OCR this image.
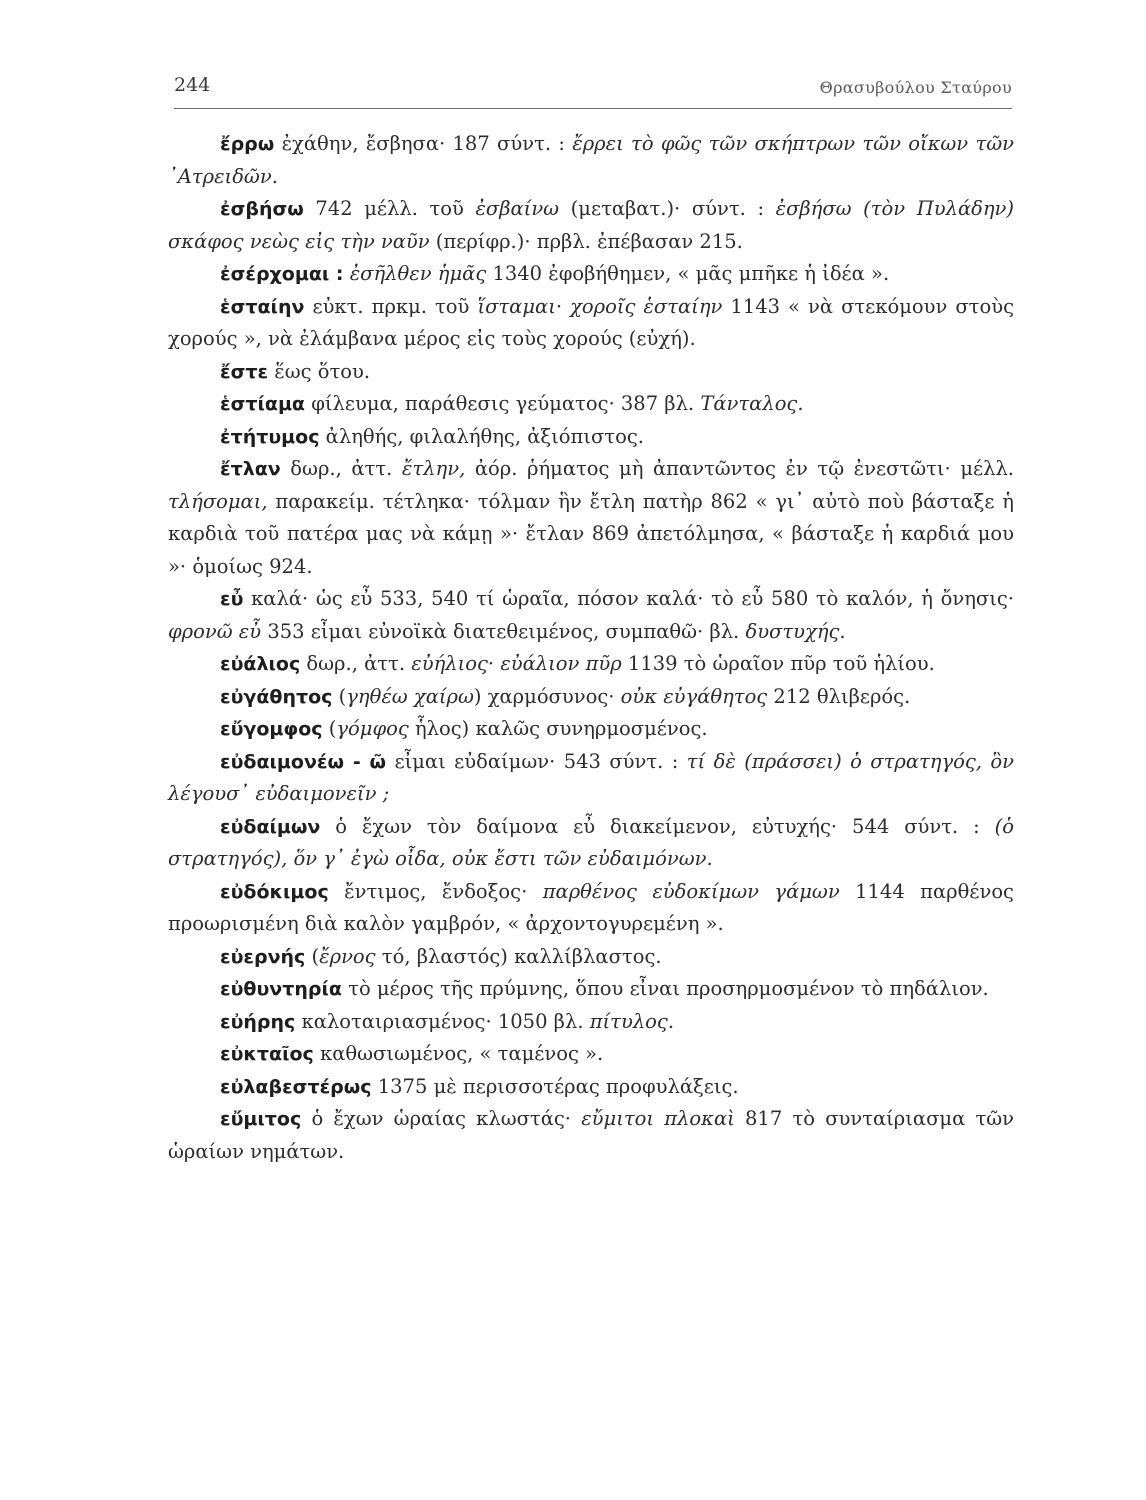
244	Θρασυβούλου Σταύρου

ἔρρω ἐχάθην, ἔσβησα· 187 σύντ. : ἔρρει τὸ φῶς τῶν σκήπτρων τῶν οἴκων τῶν ᾿Ατρειδῶν.

ἐσβήσω 742 μέλλ. τοῦ ἐσβαίνω (μεταβατ.)· σύντ. : ἐσβήσω (τὸν Πυλάδην) σκάφος νεὼς εἰς τὴν ναῦν (περίφρ.)· πρβλ. ἐπέβασαν 215.

ἐσέρχομαι : ἐσῆλθεν ἡμᾶς 1340 ἐφοβήθημεν, « μᾶς μπῆκε ἡ ἰδέα ».

ἑσταίην εὐκτ. πρκμ. τοῦ ἵσταμαι· χοροῖς ἑσταίην 1143 « νὰ στεκόμουν στοὺς χορούς », νὰ ἐλάμβανα μέρος εἰς τοὺς χορούς (εὐχή).

ἔστε ἕως ὅτου.

ἑστίαμα φίλευμα, παράθεσις γεύματος· 387 βλ. Τάνταλος.

ἐτήτυμος ἀληθής, φιλαλήθης, ἀξιόπιστος.

ἔτλαν δωρ., ἀττ. ἔτλην, ἀόρ. ῥήματος μὴ ἀπαντῶντος ἐν τῷ ἐνεστῶτι· μέλλ. τλήσομαι, παρακείμ. τέτληκα· τόλμαν ἣν ἔτλη πατὴρ 862 « γι᾿ αὐτὸ ποὺ βάσταξε ἡ καρδιὰ τοῦ πατέρα μας νὰ κάμῃ »· ἔτλαν 869 ἀπετόλμησα, « βάσταξε ἡ καρδιά μου »· ὁμοίως 924.

εὖ καλά· ὡς εὖ 533, 540 τί ὡραῖα, πόσον καλά· τὸ εὖ 580 τὸ καλόν, ἡ ὄνησις· φρονῶ εὖ 353 εἶμαι εὐνοϊκὰ διατεθειμένος, συμπαθῶ· βλ. δυστυχής.

εὐάλιος δωρ., ἀττ. εὐήλιος· εὐάλιον πῦρ 1139 τὸ ὡραῖον πῦρ τοῦ ἡλίου.

εὐγάθητος (γηθέω χαίρω) χαρμόσυνος· οὐκ εὐγάθητος 212 θλιβερός.

εὔγομφος (γόμφος ἧλος) καλῶς συνηρμοσμένος.

εὐδαιμονέω - ῶ εἶμαι εὐδαίμων· 543 σύντ. : τί δὲ (πράσσει) ὁ στρατηγός, ὃν λέγουσ᾿ εὐδαιμονεῖν ;

εὐδαίμων ὁ ἔχων τὸν δαίμονα εὖ διακείμενον, εὐτυχής· 544 σύντ. : (ὁ στρατηγός), ὅν γ᾿ ἐγὼ οἶδα, οὐκ ἔστι τῶν εὐδαιμόνων.

εὐδόκιμος ἔντιμος, ἔνδοξος· παρθένος εὐδοκίμων γάμων 1144 παρθένος προωρισμένη διὰ καλὸν γαμβρόν, « ἀρχοντογυρεμένη ».

εὐερνής (ἔρνος τό, βλαστός) καλλίβλαστος.

εὐθυντηρία τὸ μέρος τῆς πρύμνης, ὅπου εἶναι προσηρμοσμένον τὸ πηδάλιον.

εὐήρης καλοταιριασμένος· 1050 βλ. πίτυλος.

εὐκταῖος καθωσιωμένος, « ταμένος ».

εὐλαβεστέρως 1375 μὲ περισσοτέρας προφυλάξεις.

εὔμιτος ὁ ἔχων ὡραίας κλωστάς· εὔμιτοι πλοκαὶ 817 τὸ συνταίριασμα τῶν ὡραίων νημάτων.
